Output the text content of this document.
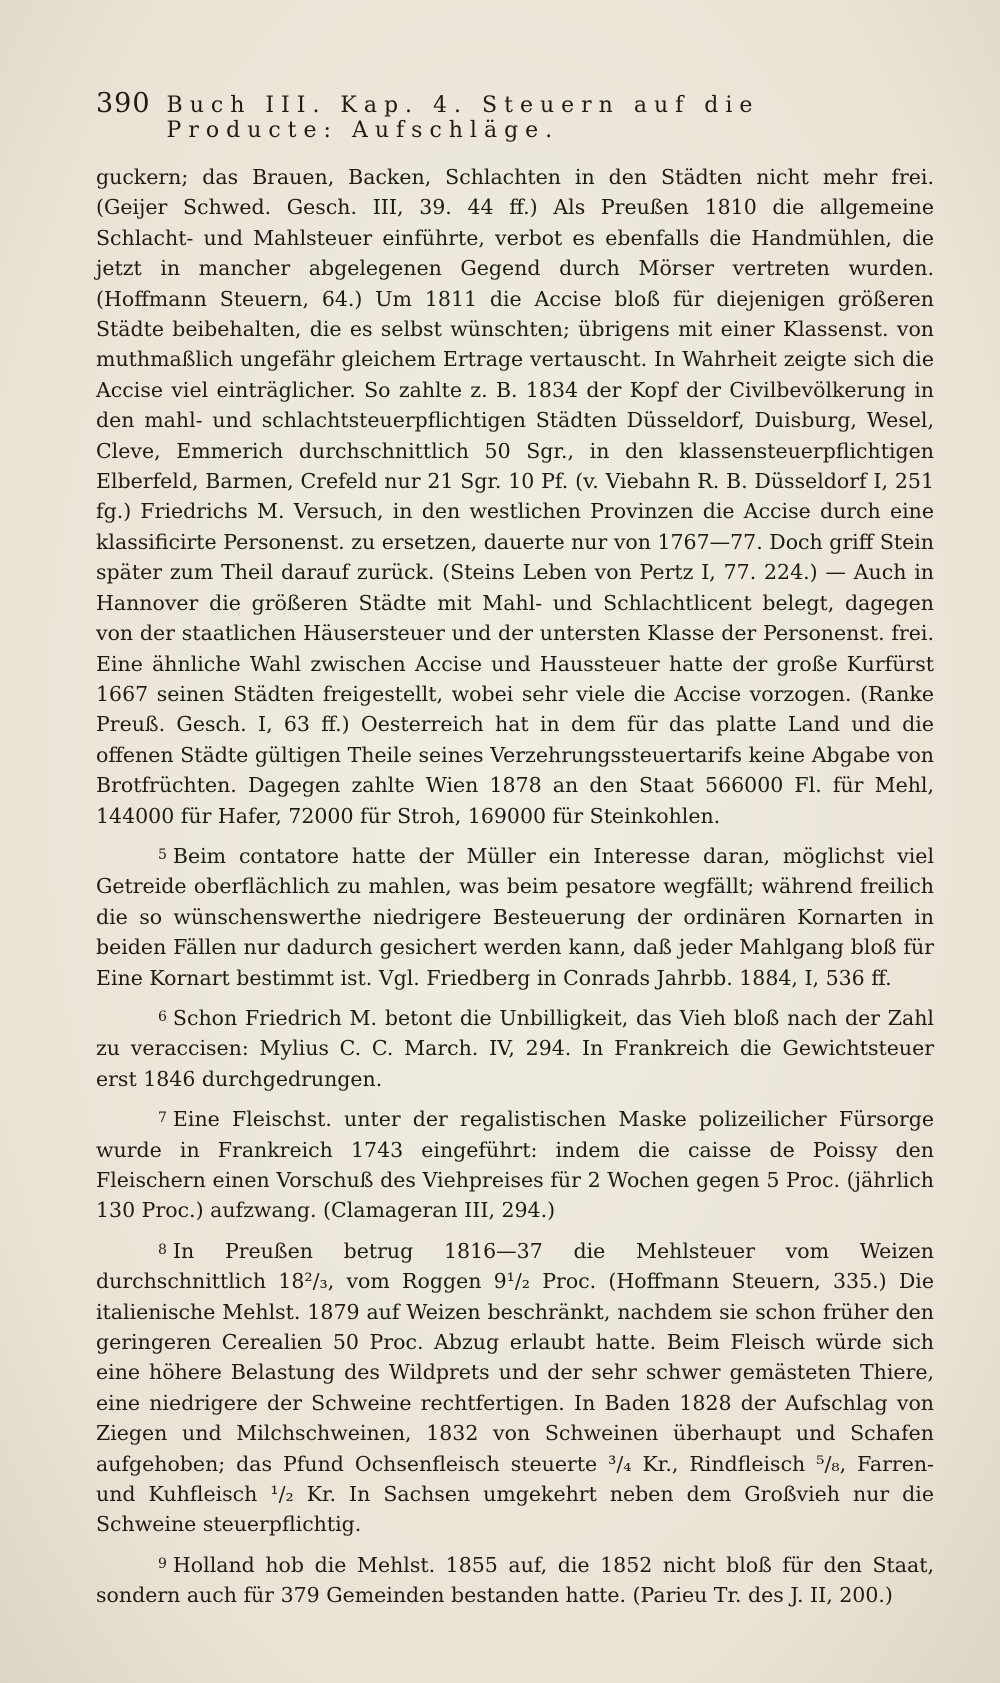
390 Buch III. Kap. 4. Steuern auf die Producte: Aufschläge.

guckern; das Brauen, Backen, Schlachten in den Städten nicht mehr frei. (Geijer Schwed. Gesch. III, 39. 44 ff.) Als Preußen 1810 die allgemeine Schlacht- und Mahlsteuer einführte, verbot es ebenfalls die Handmühlen, die jetzt in mancher abgelegenen Gegend durch Mörser vertreten wurden. (Hoffmann Steuern, 64.) Um 1811 die Accise bloß für diejenigen größeren Städte beibehalten, die es selbst wünschten; übrigens mit einer Klassenst. von muthmaßlich ungefähr gleichem Ertrage vertauscht. In Wahrheit zeigte sich die Accise viel einträglicher. So zahlte z. B. 1834 der Kopf der Civilbevölkerung in den mahl- und schlachtsteuerpflichtigen Städten Düsseldorf, Duisburg, Wesel, Cleve, Emmerich durchschnittlich 50 Sgr., in den klassensteuerpflichtigen Elberfeld, Barmen, Crefeld nur 21 Sgr. 10 Pf. (v. Viebahn R. B. Düsseldorf I, 251 fg.) Friedrichs M. Versuch, in den westlichen Provinzen die Accise durch eine klassificirte Personenst. zu ersetzen, dauerte nur von 1767—77. Doch griff Stein später zum Theil darauf zurück. (Steins Leben von Pertz I, 77. 224.) — Auch in Hannover die größeren Städte mit Mahl- und Schlachtlicent belegt, dagegen von der staatlichen Häusersteuer und der untersten Klasse der Personenst. frei. Eine ähnliche Wahl zwischen Accise und Haussteuer hatte der große Kurfürst 1667 seinen Städten freigestellt, wobei sehr viele die Accise vorzogen. (Ranke Preuß. Gesch. I, 63 ff.) Oesterreich hat in dem für das platte Land und die offenen Städte gültigen Theile seines Verzehrungssteuertarifs keine Abgabe von Brotfrüchten. Dagegen zahlte Wien 1878 an den Staat 566000 Fl. für Mehl, 144000 für Hafer, 72000 für Stroh, 169000 für Steinkohlen.

5 Beim contatore hatte der Müller ein Interesse daran, möglichst viel Getreide oberflächlich zu mahlen, was beim pesatore wegfällt; während freilich die so wünschenswerthe niedrigere Besteuerung der ordinären Kornarten in beiden Fällen nur dadurch gesichert werden kann, daß jeder Mahlgang bloß für Eine Kornart bestimmt ist. Vgl. Friedberg in Conrads Jahrbb. 1884, I, 536 ff.

6 Schon Friedrich M. betont die Unbilligkeit, das Vieh bloß nach der Zahl zu veraccisen: Mylius C. C. March. IV, 294. In Frankreich die Gewichtsteuer erst 1846 durchgedrungen.

7 Eine Fleischst. unter der regalistischen Maske polizeilicher Fürsorge wurde in Frankreich 1743 eingeführt: indem die caisse de Poissy den Fleischern einen Vorschuß des Viehpreises für 2 Wochen gegen 5 Proc. (jährlich 130 Proc.) aufzwang. (Clamageran III, 294.)

8 In Preußen betrug 1816—37 die Mehlsteuer vom Weizen durchschnittlich 18²/₃, vom Roggen 9¹/₂ Proc. (Hoffmann Steuern, 335.) Die italienische Mehlst. 1879 auf Weizen beschränkt, nachdem sie schon früher den geringeren Cerealien 50 Proc. Abzug erlaubt hatte. Beim Fleisch würde sich eine höhere Belastung des Wildprets und der sehr schwer gemästeten Thiere, eine niedrigere der Schweine rechtfertigen. In Baden 1828 der Aufschlag von Ziegen und Milchschweinen, 1832 von Schweinen überhaupt und Schafen aufgehoben; das Pfund Ochsenfleisch steuerte ³/₄ Kr., Rindfleisch ⁵/₈, Farren- und Kuhfleisch ¹/₂ Kr. In Sachsen umgekehrt neben dem Großvieh nur die Schweine steuerpflichtig.

9 Holland hob die Mehlst. 1855 auf, die 1852 nicht bloß für den Staat, sondern auch für 379 Gemeinden bestanden hatte. (Parieu Tr. des J. II, 200.)
